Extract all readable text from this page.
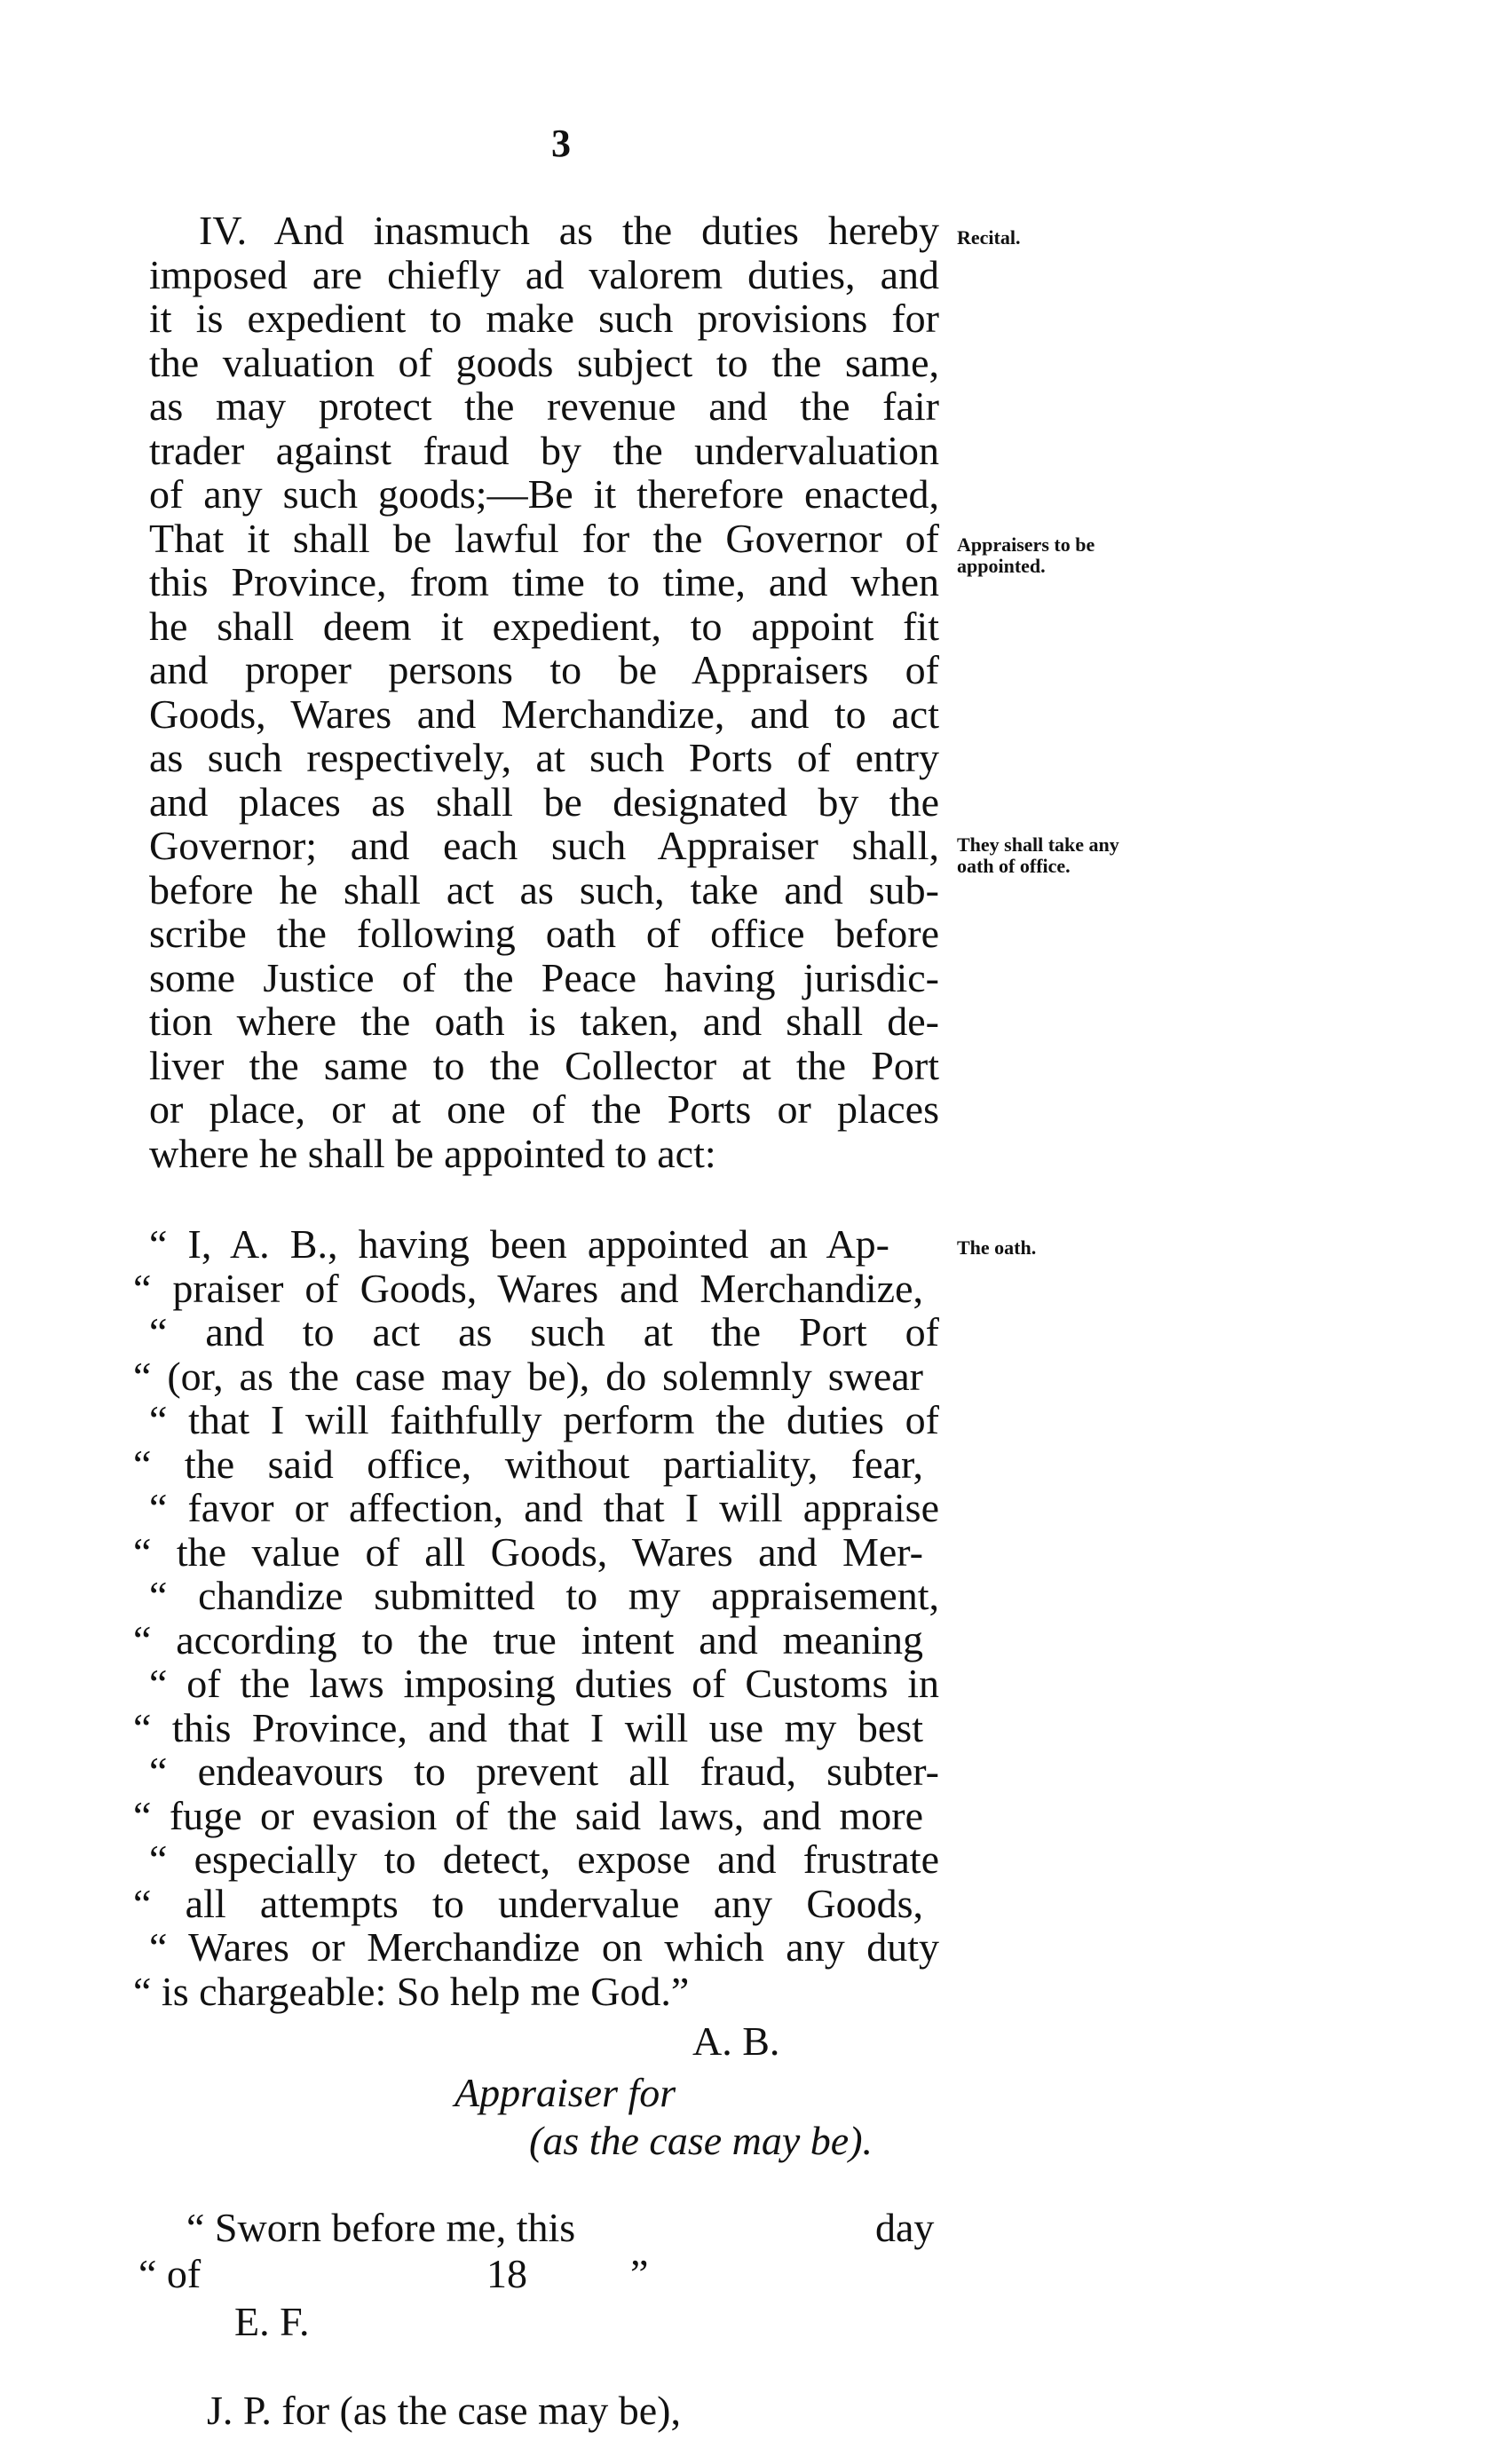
3
IV. And inasmuch as the duties hereby
imposed are chiefly ad valorem duties, and
it is expedient to make such provisions for
the valuation of goods subject to the same,
as may protect the revenue and the fair
trader against fraud by the undervaluation
of any such goods;—Be it therefore enacted,
That it shall be lawful for the Governor of
this Province, from time to time, and when
he shall deem it expedient, to appoint fit
and proper persons to be Appraisers of
Goods, Wares and Merchandize, and to act
as such respectively, at such Ports of entry
and places as shall be designated by the
Governor; and each such Appraiser shall,
before he shall act as such, take and sub-
scribe the following oath of office before
some Justice of the Peace having jurisdic-
tion where the oath is taken, and shall de-
liver the same to the Collector at the Port
or place, or at one of the Ports or places
where he shall be appointed to act:
“ I, A. B., having been appointed an Ap-
“ praiser of Goods, Wares and Merchandize,
“ and to act as such at the Port of
“ (or, as the case may be), do solemnly swear
“ that I will faithfully perform the duties of
“ the said office, without partiality, fear,
“ favor or affection, and that I will appraise
“ the value of all Goods, Wares and Mer-
“ chandize submitted to my appraisement,
“ according to the true intent and meaning
“ of the laws imposing duties of Customs in
“ this Province, and that I will use my best
“ endeavours to prevent all fraud, subter-
“ fuge or evasion of the said laws, and more
“ especially to detect, expose and frustrate
“ all attempts to undervalue any Goods,
“ Wares or Merchandize on which any duty
“ is chargeable: So help me God.”
Recital.
Appraisers to be appointed.
They shall take any oath of office.
The oath.
A. B.
Appraiser for
(as the case may be).
“ Sworn before me, this	day
“ of	18	”
E. F.

J. P. for (as the case may be),
